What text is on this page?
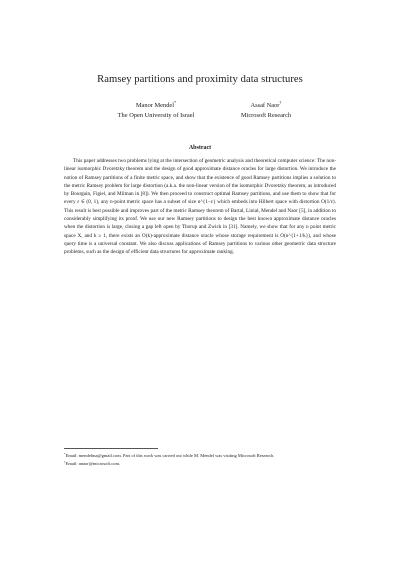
Ramsey partitions and proximity data structures
Manor Mendel*
The Open University of Israel
Assaf Naor†
Microsoft Research
Abstract

This paper addresses two problems lying at the intersection of geometric analysis and theoretical computer science: The non-linear isomorphic Dvoretzky theorem and the design of good approximate distance oracles for large distortion. We introduce the notion of Ramsey partitions of a finite metric space, and show that the existence of good Ramsey partitions implies a solution to the metric Ramsey problem for large distortion (a.k.a. the non-linear version of the isomorphic Dvoretzky theorem, as introduced by Bourgain, Figiel, and Milman in [8]). We then proceed to construct optimal Ramsey partitions, and use them to show that for every ε ∈ (0, 1), any n-point metric space has a subset of size n^{1−ε} which embeds into Hilbert space with distortion O(1/ε). This result is best possible and improves part of the metric Ramsey theorem of Bartal, Linial, Mendel and Naor [5], in addition to considerably simplifying its proof. We use our new Ramsey partitions to design the best known approximate distance oracles when the distortion is large, closing a gap left open by Thorup and Zwick in [31]. Namely, we show that for any n point metric space X, and k ≥ 1, there exists an O(k)-approximate distance oracle whose storage requirement is O(n^{1+1/k}), and whose query time is a universal constant. We also discuss applications of Ramsey partitions to various other geometric data structure problems, such as the design of efficient data structures for approximate ranking.

*Email: mendelma@gmail.com. Part of this work was carried out while M. Mendel was visiting Microsoft Research.
†Email: anaor@microsoft.com.
